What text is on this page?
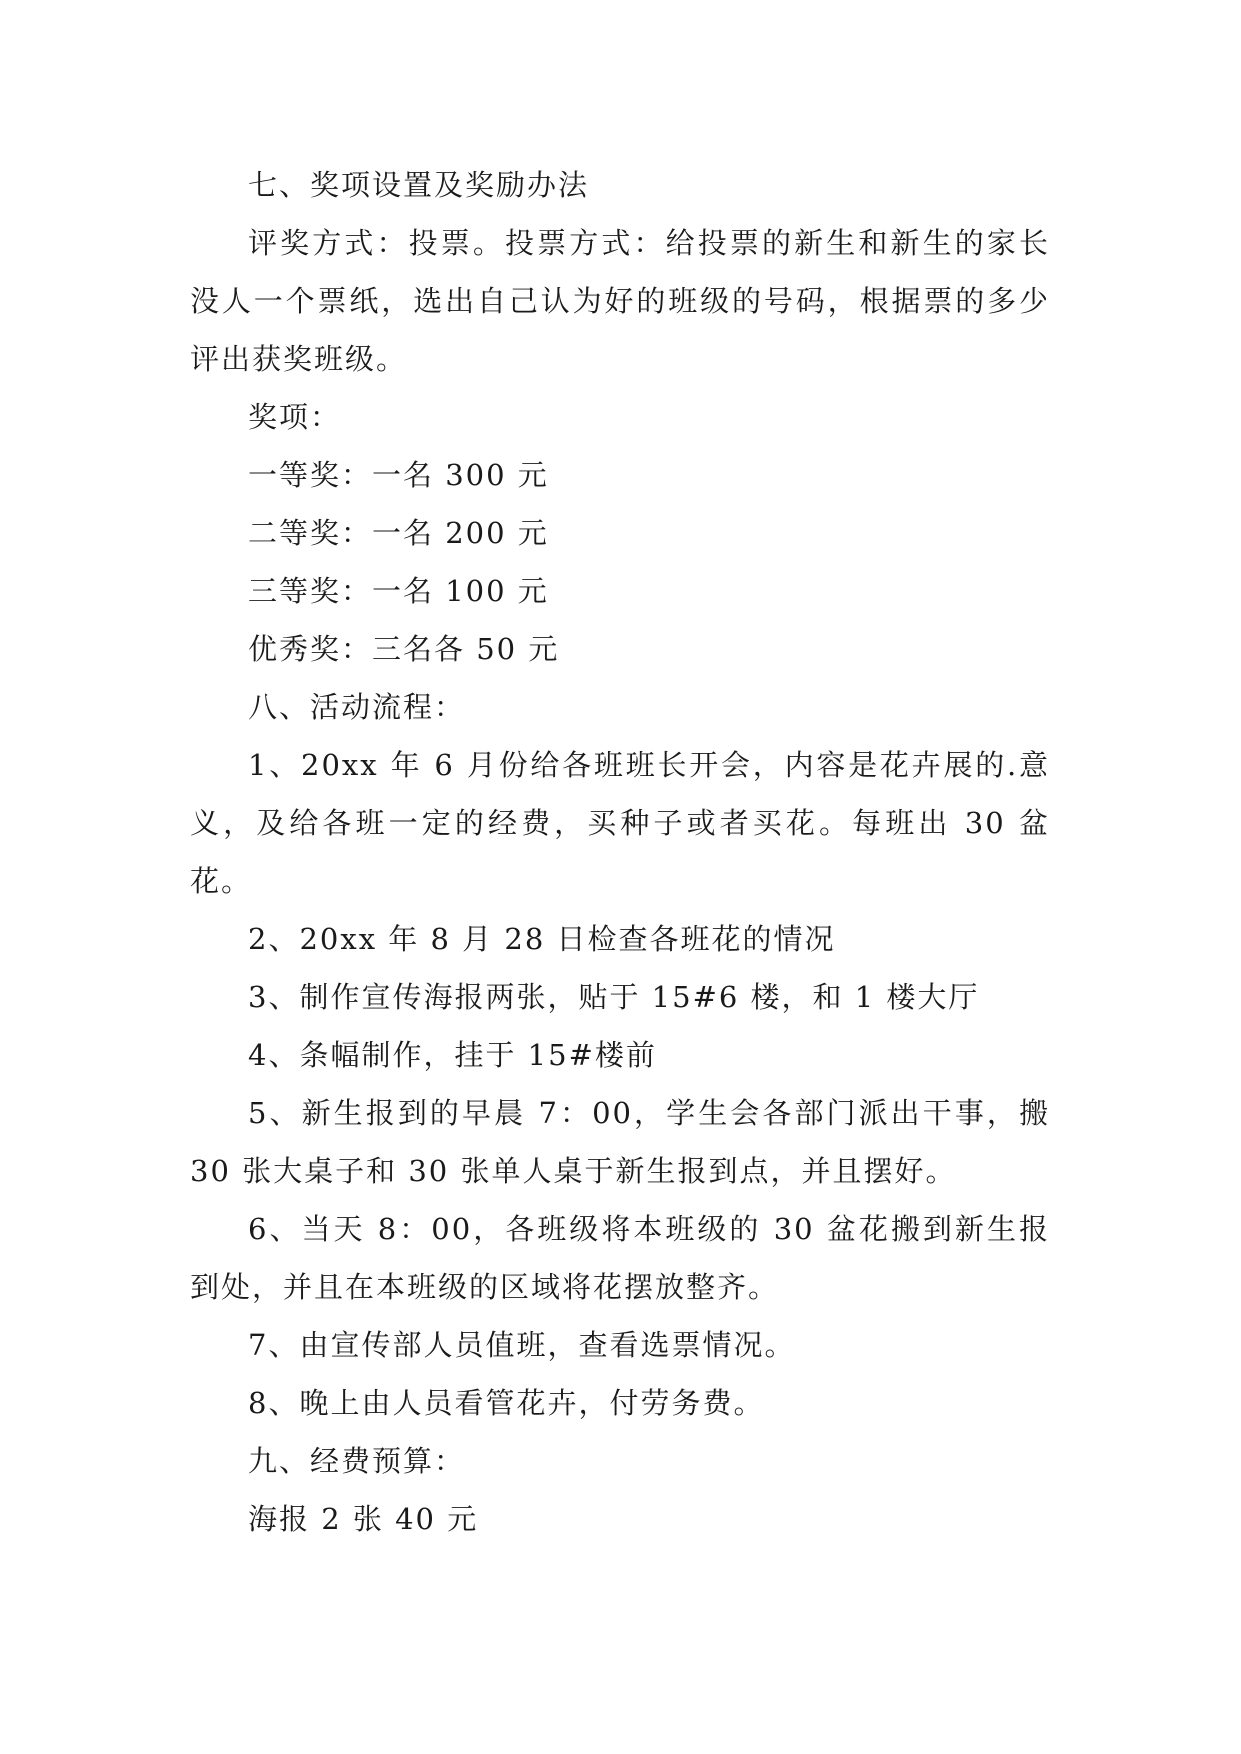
七、奖项设置及奖励办法

评奖方式：投票。投票方式：给投票的新生和新生的家长没人一个票纸，选出自己认为好的班级的号码，根据票的多少评出获奖班级。

奖项：

一等奖：一名 300 元

二等奖：一名 200 元

三等奖：一名 100 元

优秀奖：三名各 50 元

八、活动流程：

1、20xx 年 6 月份给各班班长开会，内容是花卉展的.意义，及给各班一定的经费，买种子或者买花。每班出 30 盆花。

2、20xx 年 8 月 28 日检查各班花的情况

3、制作宣传海报两张，贴于 15#6 楼，和 1 楼大厅

4、条幅制作，挂于 15#楼前

5、新生报到的早晨 7：00，学生会各部门派出干事，搬 30 张大桌子和 30 张单人桌于新生报到点，并且摆好。

6、当天 8：00，各班级将本班级的 30 盆花搬到新生报到处，并且在本班级的区域将花摆放整齐。

7、由宣传部人员值班，查看选票情况。

8、晚上由人员看管花卉，付劳务费。

九、经费预算：

海报 2 张 40 元
